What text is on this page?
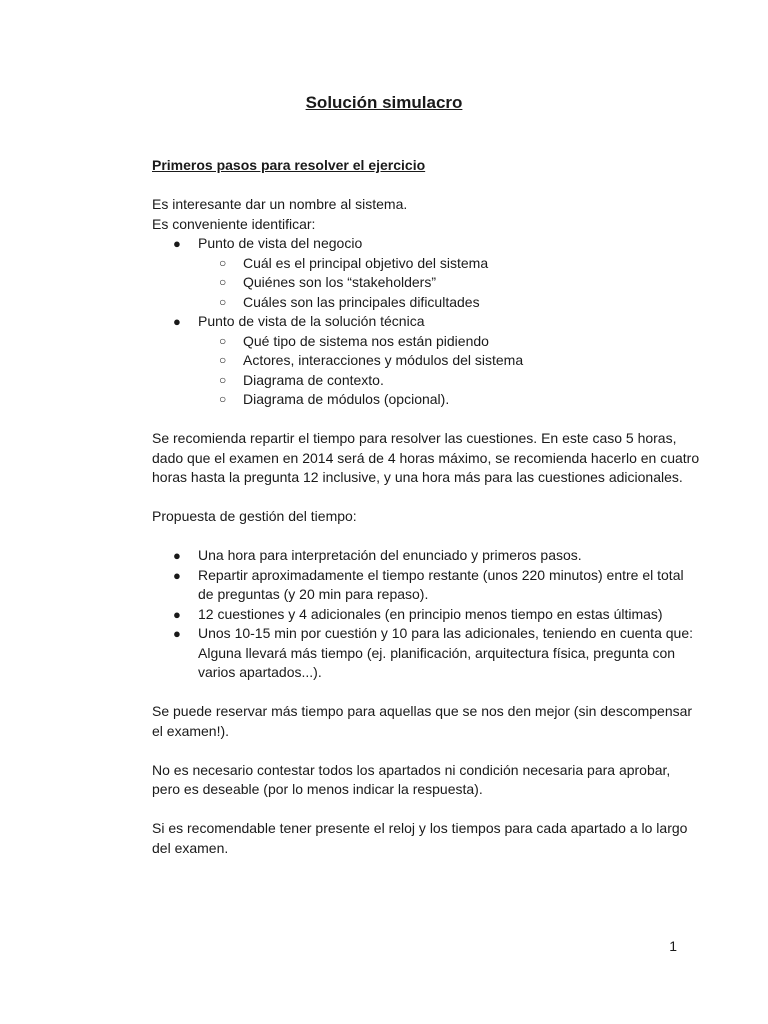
Solución simulacro

Primeros pasos para resolver el ejercicio

Es interesante dar un nombre al sistema.

Es conveniente identificar:

● Punto de vista del negocio
○ Cuál es el principal objetivo del sistema
○ Quiénes son los “stakeholders”
○ Cuáles son las principales dificultades
● Punto de vista de la solución técnica
○ Qué tipo de sistema nos están pidiendo
○ Actores, interacciones y módulos del sistema
○ Diagrama de contexto.
○ Diagrama de módulos (opcional).

Se recomienda repartir el tiempo para resolver las cuestiones. En este caso 5 horas, dado que el examen en 2014 será de 4 horas máximo, se recomienda hacerlo en cuatro horas hasta la pregunta 12 inclusive, y una hora más para las cuestiones adicionales.

Propuesta de gestión del tiempo:

● Una hora para interpretación del enunciado y primeros pasos.
● Repartir aproximadamente el tiempo restante (unos 220 minutos) entre el total de preguntas (y 20 min para repaso).
● 12 cuestiones y 4 adicionales (en principio menos tiempo en estas últimas)
● Unos 10-15 min por cuestión y 10 para las adicionales, teniendo en cuenta que: Alguna llevará más tiempo (ej. planificación, arquitectura física, pregunta con varios apartados...).

Se puede reservar más tiempo para aquellas que se nos den mejor (sin descompensar el examen!).

No es necesario contestar todos los apartados ni condición necesaria para aprobar, pero es deseable (por lo menos indicar la respuesta).

Si es recomendable tener presente el reloj y los tiempos para cada apartado a lo largo del examen.

1
